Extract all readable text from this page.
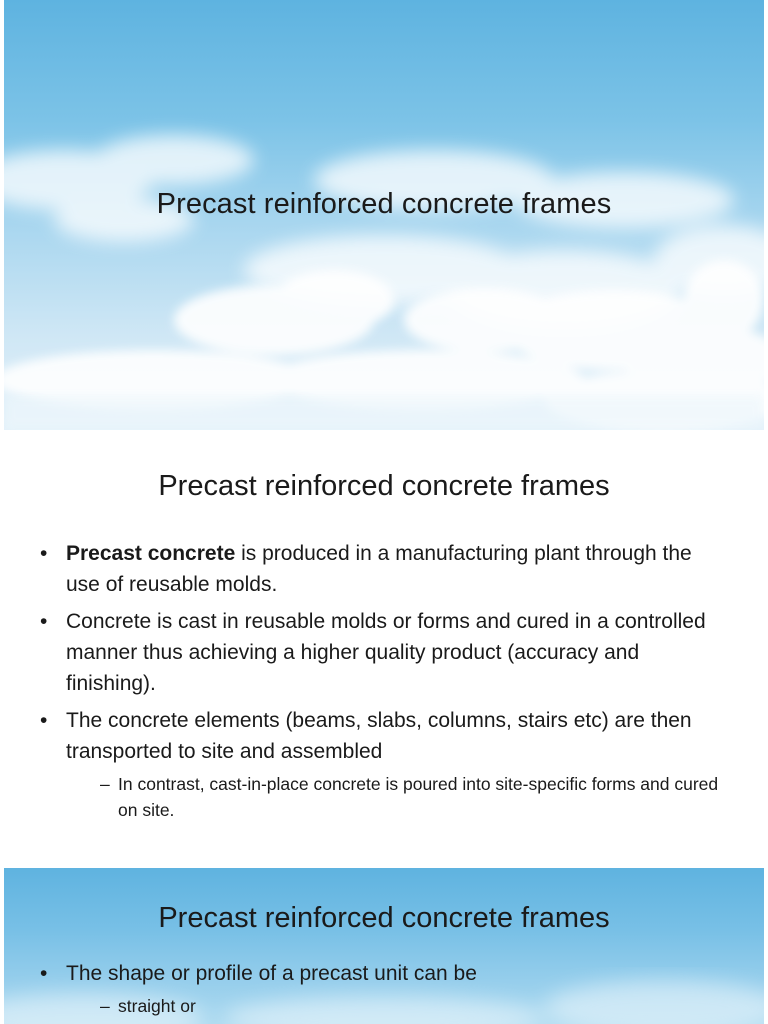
Precast reinforced concrete frames
Precast reinforced concrete frames
• Precast concrete is produced in a manufacturing plant through the use of reusable molds.
• Concrete is cast in reusable molds or forms and cured in a controlled manner thus achieving a higher quality product (accuracy and finishing).
• The concrete elements (beams, slabs, columns, stairs etc) are then transported to site and assembled
– In contrast, cast-in-place concrete is poured into site-specific forms and cured on site.
Precast reinforced concrete frames
• The shape or profile of a precast unit can be
– straight or
